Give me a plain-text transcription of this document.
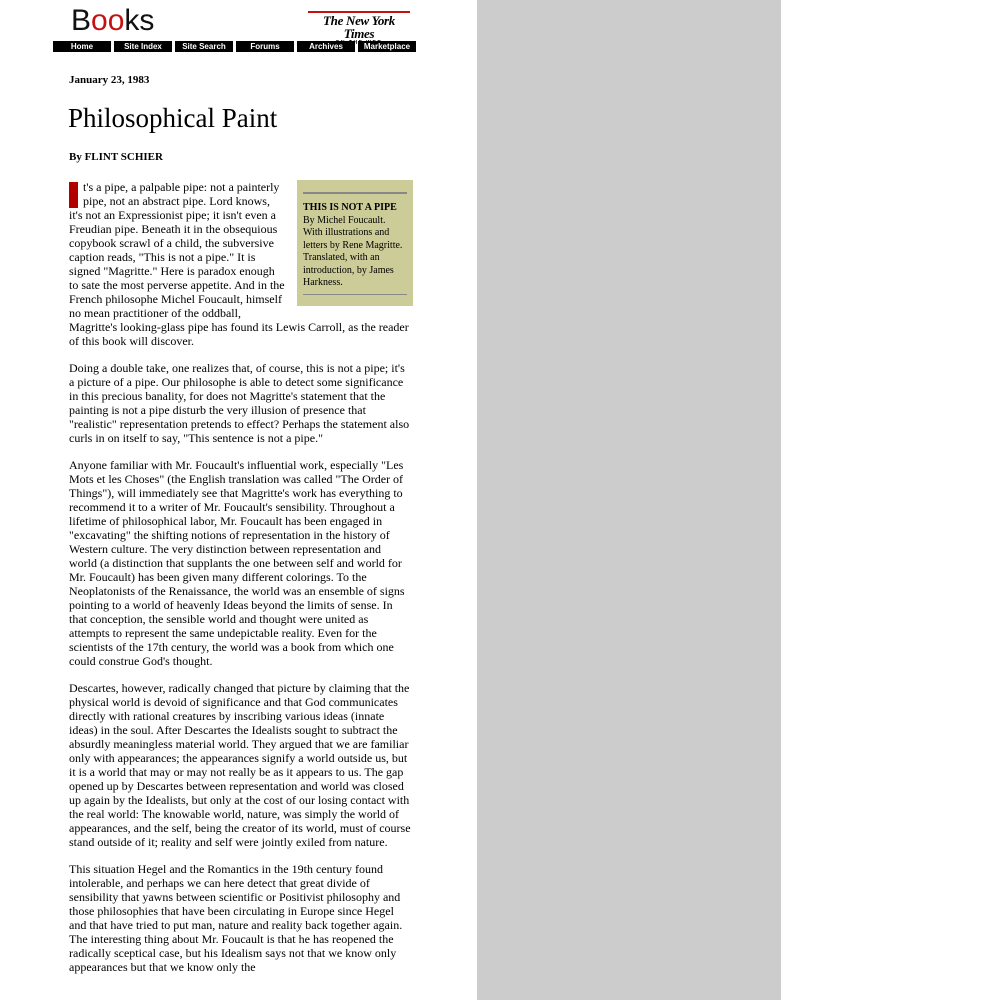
Books	The New York Times
THE
Home	Site Index	Site Search	Forums	Archives	Marketplace
January 23, 1983
Philosophical Paint
By FLINT SCHIER
THIS IS NOT A PIPE
By Michel Foucault. With illustrations and letters by Rene Magritte. Translated, with an introduction, by James Harkness.

t's a pipe, a palpable pipe: not a painterly pipe, not an abstract pipe. Lord knows, it's not an Expressionist pipe; it isn't even a Freudian pipe. Beneath it in the obsequious copybook scrawl of a child, the subversive caption reads, "This is not a pipe." It is signed "Magritte." Here is paradox enough to sate the most perverse appetite. And in the French philosophe Michel Foucault, himself no mean practitioner of the oddball, Magritte's looking-glass pipe has found its Lewis Carroll, as the reader of this book will discover.

Doing a double take, one realizes that, of course, this is not a pipe; it's a picture of a pipe. Our philosophe is able to detect some significance in this precious banality, for does not Magritte's statement that the painting is not a pipe disturb the very illusion of presence that "realistic" representation pretends to effect? Perhaps the statement also curls in on itself to say, "This sentence is not a pipe."

Anyone familiar with Mr. Foucault's influential work, especially "Les Mots et les Choses" (the English translation was called "The Order of Things"), will immediately see that Magritte's work has everything to recommend it to a writer of Mr. Foucault's sensibility. Throughout a lifetime of philosophical labor, Mr. Foucault has been engaged in "excavating" the shifting notions of representation in the history of Western culture. The very distinction between representation and world (a distinction that supplants the one between self and world for Mr. Foucault) has been given many different colorings. To the Neoplatonists of the Renaissance, the world was an ensemble of signs pointing to a world of heavenly Ideas beyond the limits of sense. In that conception, the sensible world and thought were united as attempts to represent the same undepictable reality. Even for the scientists of the 17th century, the world was a book from which one could construe God's thought.

Descartes, however, radically changed that picture by claiming that the physical world is devoid of significance and that God communicates directly with rational creatures by inscribing various ideas (innate ideas) in the soul. After Descartes the Idealists sought to subtract the absurdly meaningless material world. They argued that we are familiar only with appearances; the appearances signify a world outside us, but it is a world that may or may not really be as it appears to us. The gap opened up by Descartes between representation and world was closed up again by the Idealists, but only at the cost of our losing contact with the real world: The knowable world, nature, was simply the world of appearances, and the self, being the creator of its world, must of course stand outside of it; reality and self were jointly exiled from nature.

This situation Hegel and the Romantics in the 19th century found intolerable, and perhaps we can here detect that great divide of sensibility that yawns between scientific or Positivist philosophy and those philosophies that have been circulating in Europe since Hegel and that have tried to put man, nature and reality back together again. The interesting thing about Mr. Foucault is that he has reopened the radically sceptical case, but his Idealism says not that we know only appearances but that we know only the
